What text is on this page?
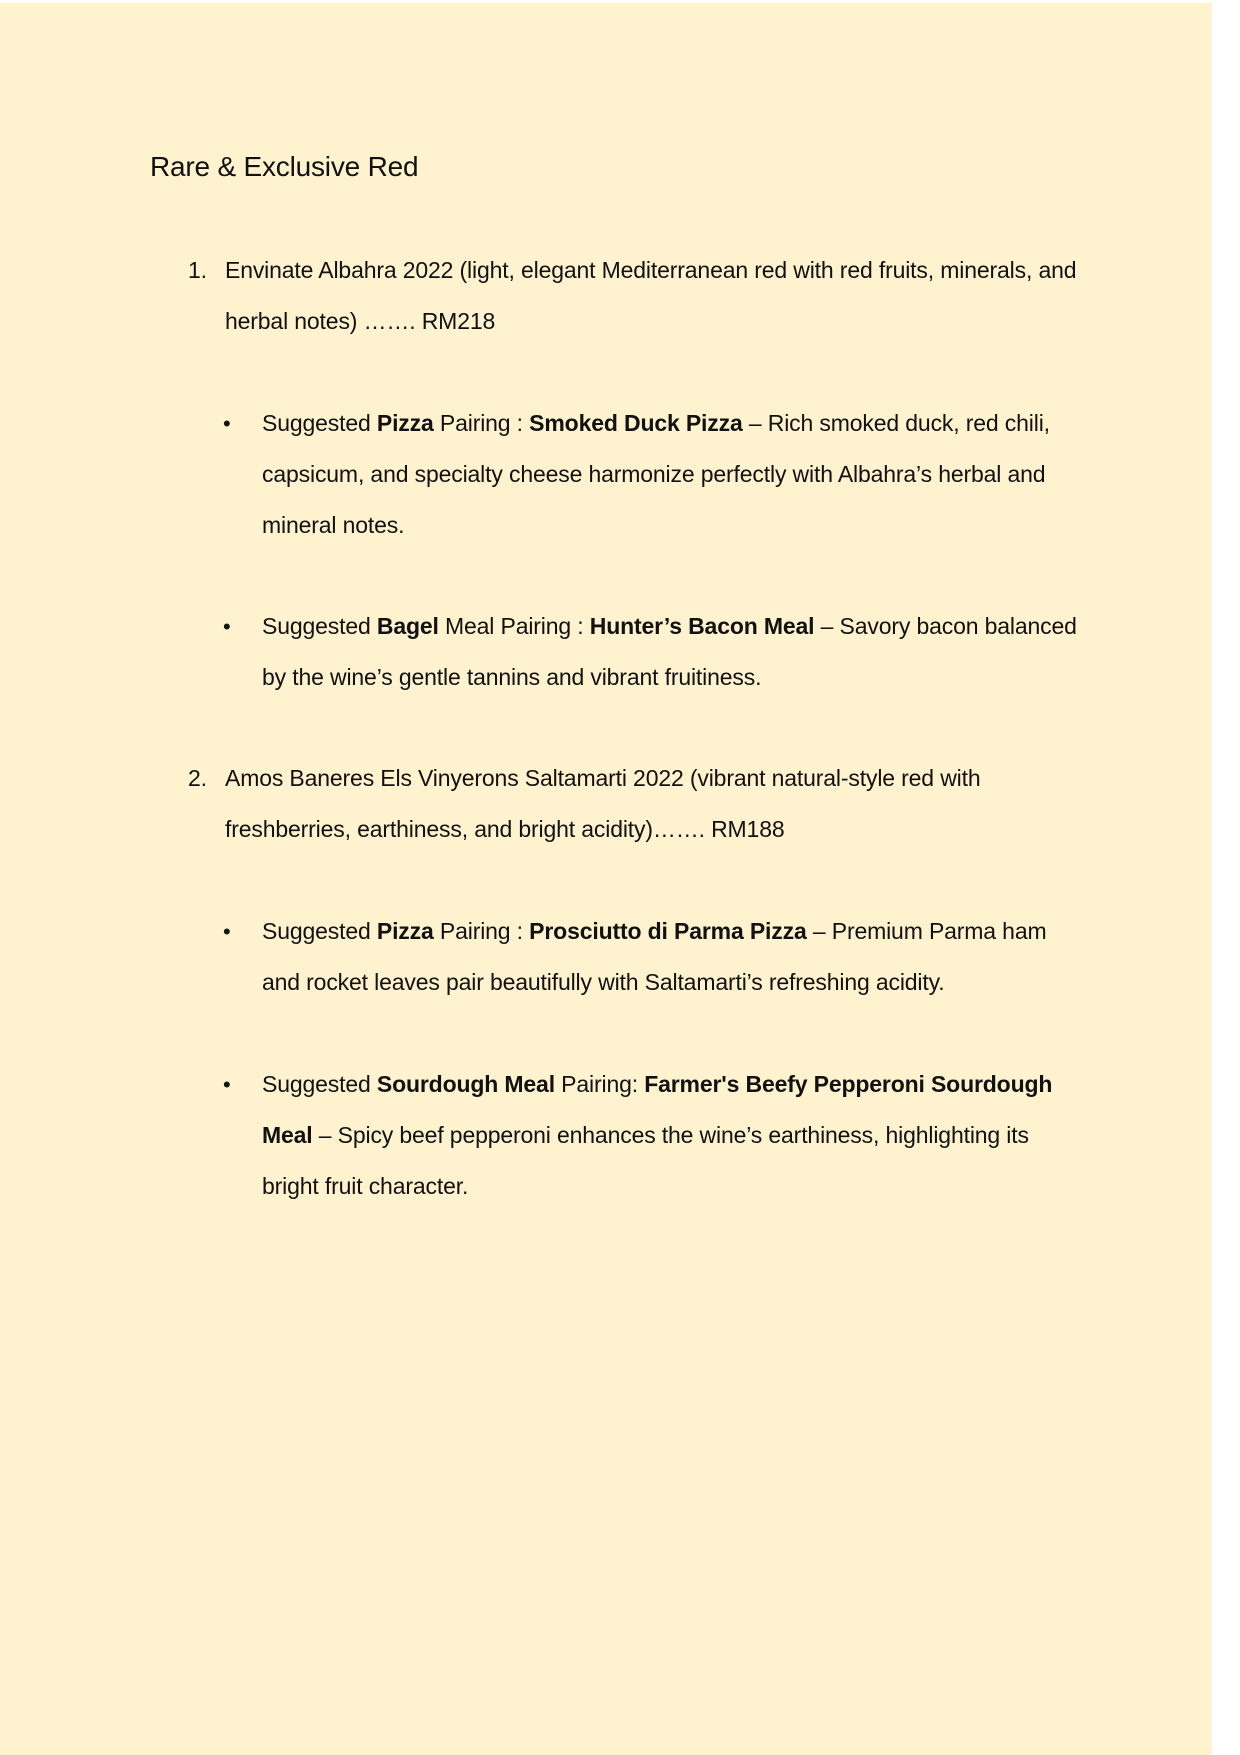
Rare & Exclusive Red
1. Envinate Albahra 2022 (light, elegant Mediterranean red with red fruits, minerals, and herbal notes) ……. RM218
• Suggested Pizza Pairing : Smoked Duck Pizza – Rich smoked duck, red chili, capsicum, and specialty cheese harmonize perfectly with Albahra’s herbal and mineral notes.
• Suggested Bagel Meal Pairing : Hunter’s Bacon Meal – Savory bacon balanced by the wine’s gentle tannins and vibrant fruitiness.
2. Amos Baneres Els Vinyerons Saltamarti 2022 (vibrant natural-style red with freshberries, earthiness, and bright acidity)……. RM188
• Suggested Pizza Pairing : Prosciutto di Parma Pizza – Premium Parma ham and rocket leaves pair beautifully with Saltamarti’s refreshing acidity.
• Suggested Sourdough Meal Pairing: Farmer's Beefy Pepperoni Sourdough Meal – Spicy beef pepperoni enhances the wine’s earthiness, highlighting its bright fruit character.
